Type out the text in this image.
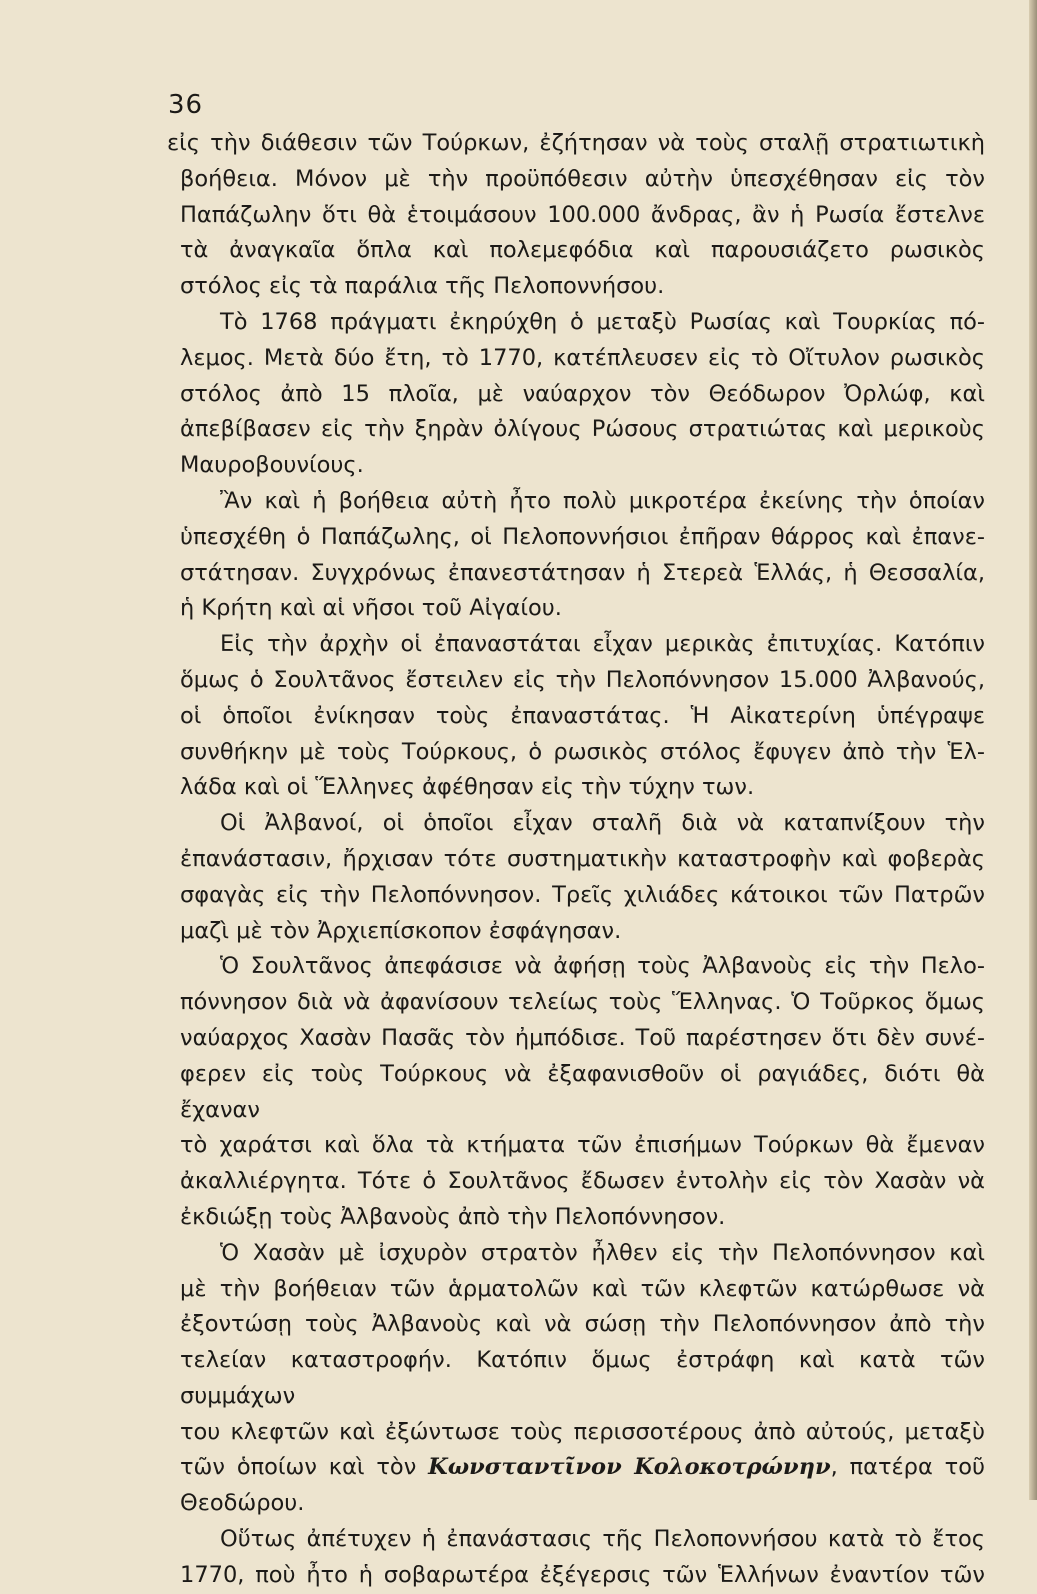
36

εἰς τὴν διάθεσιν τῶν Τούρκων, ἐζήτησαν νὰ τοὺς σταλῇ στρατιωτικὴ

βοήθεια. Μόνον μὲ τὴν προϋπόθεσιν αὐτὴν ὑπεσχέθησαν εἰς τὸν

Παπάζωλην ὅτι θὰ ἑτοιμάσουν 100.000 ἄνδρας, ἂν ἡ Ρωσία ἔστελνε

τὰ ἀναγκαῖα ὅπλα καὶ πολεμεφόδια καὶ παρουσιάζετο ρωσικὸς

στόλος εἰς τὰ παράλια τῆς Πελοποννήσου.

Τὸ 1768 πράγματι ἐκηρύχθη ὁ μεταξὺ Ρωσίας καὶ Τουρκίας πό-

λεμος. Μετὰ δύο ἔτη, τὸ 1770, κατέπλευσεν εἰς τὸ Οἴτυλον ρωσικὸς

στόλος ἀπὸ 15 πλοῖα, μὲ ναύαρχον τὸν Θεόδωρον Ὀρλώφ, καὶ

ἀπεβίβασεν εἰς τὴν ξηρὰν ὀλίγους Ρώσους στρατιώτας καὶ μερικοὺς

Μαυροβουνίους.

Ἂν καὶ ἡ βοήθεια αὐτὴ ἦτο πολὺ μικροτέρα ἐκείνης τὴν ὁποίαν

ὑπεσχέθη ὁ Παπάζωλης, οἱ Πελοποννήσιοι ἐπῆραν θάρρος καὶ ἐπανε-

στάτησαν. Συγχρόνως ἐπανεστάτησαν ἡ Στερεὰ Ἑλλάς, ἡ Θεσσαλία,

ἡ Κρήτη καὶ αἱ νῆσοι τοῦ Αἰγαίου.

Εἰς τὴν ἀρχὴν οἱ ἐπαναστάται εἶχαν μερικὰς ἐπιτυχίας. Κατόπιν

ὅμως ὁ Σουλτᾶνος ἔστειλεν εἰς τὴν Πελοπόννησον 15.000 Ἀλβανούς,

οἱ ὁποῖοι ἐνίκησαν τοὺς ἐπαναστάτας. Ἡ Αἰκατερίνη ὑπέγραψε

συνθήκην μὲ τοὺς Τούρκους, ὁ ρωσικὸς στόλος ἔφυγεν ἀπὸ τὴν Ἑλ-

λάδα καὶ οἱ Ἕλληνες ἀφέθησαν εἰς τὴν τύχην των.

Οἱ Ἀλβανοί, οἱ ὁποῖοι εἶχαν σταλῆ διὰ νὰ καταπνίξουν τὴν

ἐπανάστασιν, ἤρχισαν τότε συστηματικὴν καταστροφὴν καὶ φοβερὰς

σφαγὰς εἰς τὴν Πελοπόννησον. Τρεῖς χιλιάδες κάτοικοι τῶν Πατρῶν

μαζὶ μὲ τὸν Ἀρχιεπίσκοπον ἐσφάγησαν.

Ὁ Σουλτᾶνος ἀπεφάσισε νὰ ἀφήσῃ τοὺς Ἀλβανοὺς εἰς τὴν Πελο-

πόννησον διὰ νὰ ἀφανίσουν τελείως τοὺς Ἕλληνας. Ὁ Τοῦρκος ὅμως

ναύαρχος Χασὰν Πασᾶς τὸν ἠμπόδισε. Τοῦ παρέστησεν ὅτι δὲν συνέ-

φερεν εἰς τοὺς Τούρκους νὰ ἐξαφανισθοῦν οἱ ραγιάδες, διότι θὰ ἔχαναν

τὸ χαράτσι καὶ ὅλα τὰ κτήματα τῶν ἐπισήμων Τούρκων θὰ ἔμεναν

ἀκαλλιέργητα. Τότε ὁ Σουλτᾶνος ἔδωσεν ἐντολὴν εἰς τὸν Χασὰν νὰ

ἐκδιώξῃ τοὺς Ἀλβανοὺς ἀπὸ τὴν Πελοπόννησον.

Ὁ Χασὰν μὲ ἰσχυρὸν στρατὸν ἦλθεν εἰς τὴν Πελοπόννησον καὶ

μὲ τὴν βοήθειαν τῶν ἁρματολῶν καὶ τῶν κλεφτῶν κατώρθωσε νὰ

ἐξοντώσῃ τοὺς Ἀλβανοὺς καὶ νὰ σώσῃ τὴν Πελοπόννησον ἀπὸ τὴν

τελείαν καταστροφήν. Κατόπιν ὅμως ἐστράφη καὶ κατὰ τῶν συμμάχων

του κλεφτῶν καὶ ἐξώντωσε τοὺς περισσοτέρους ἀπὸ αὐτούς, μεταξὺ

τῶν ὁποίων καὶ τὸν Κωνσταντῖνον Κολοκοτρώνην, πατέρα τοῦ

Θεοδώρου.

Οὕτως ἀπέτυχεν ἡ ἐπανάστασις τῆς Πελοποννήσου κατὰ τὸ ἔτος

1770, ποὺ ἦτο ἡ σοβαρωτέρα ἐξέγερσις τῶν Ἑλλήνων ἐναντίον τῶν
